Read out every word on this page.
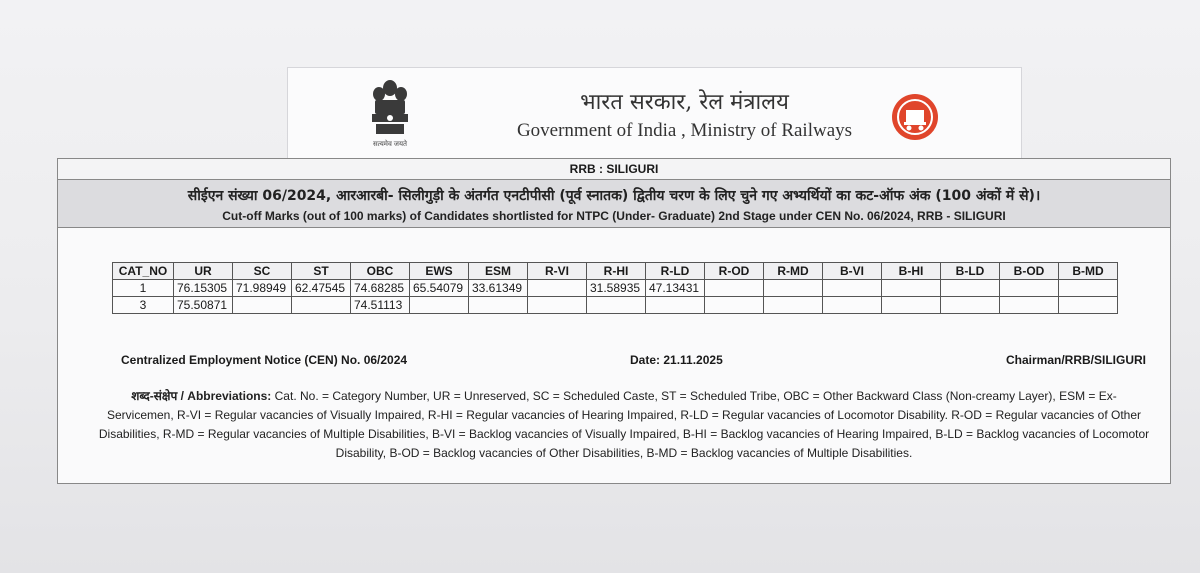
सत्यमेव जयते
भारत सरकार, रेल मंत्रालय
Government of India , Ministry of Railways
RRB : SILIGURI
सीईएन संख्या 06/2024, आरआरबी- सिलीगुड़ी के अंतर्गत एनटीपीसी (पूर्व स्नातक) द्वितीय चरण के लिए चुने गए अभ्यर्थियों का कट-ऑफ अंक (100 अंकों में से)।
Cut-off Marks (out of 100 marks) of Candidates shortlisted for NTPC (Under- Graduate) 2nd Stage under CEN No. 06/2024, RRB - SILIGURI
CAT_NO	UR	SC	ST	OBC	EWS	ESM	R-VI	R-HI	R-LD	R-OD	R-MD	B-VI	B-HI	B-LD	B-OD	B-MD
1	76.15305	71.98949	62.47545	74.68285	65.54079	33.61349		31.58935	47.13431							
3	75.50871			74.51113												
Centralized Employment Notice (CEN) No. 06/2024	Date: 21.11.2025	Chairman/RRB/SILIGURI
शब्द-संक्षेप / Abbreviations: Cat. No. = Category Number, UR = Unreserved, SC = Scheduled Caste, ST = Scheduled Tribe, OBC = Other Backward Class (Non-creamy Layer), ESM = Ex-Servicemen, R-VI = Regular vacancies of Visually Impaired, R-HI = Regular vacancies of Hearing Impaired, R-LD = Regular vacancies of Locomotor Disability. R-OD = Regular vacancies of Other Disabilities, R-MD = Regular vacancies of Multiple Disabilities, B-VI = Backlog vacancies of Visually Impaired, B-HI = Backlog vacancies of Hearing Impaired, B-LD = Backlog vacancies of Locomotor Disability, B-OD = Backlog vacancies of Other Disabilities, B-MD = Backlog vacancies of Multiple Disabilities.
